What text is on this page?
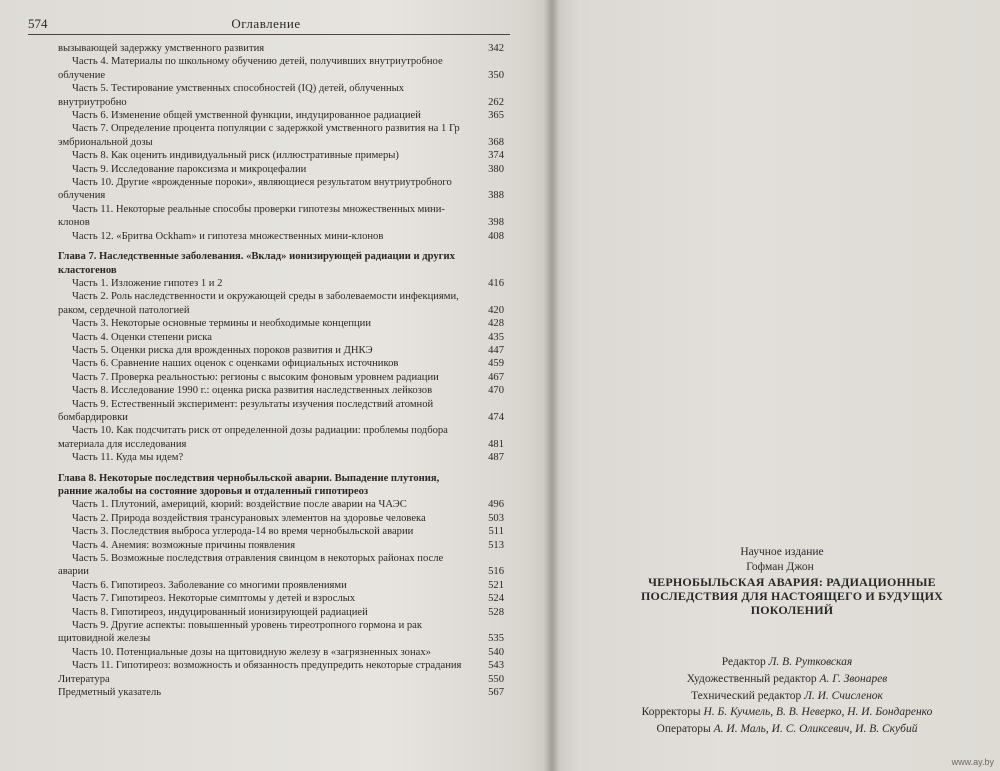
574	Оглавление
вызывающей задержку умственного развития	342
Часть 4. Материалы по школьному обучению детей, получивших внутриутробное облучение	350
Часть 5. Тестирование умственных способностей (IQ) детей, облученных внутриутробно	262
Часть 6. Изменение общей умственной функции, индуцированное радиацией	365
Часть 7. Определение процента популяции с задержкой умственного развития на 1 Гр эмбриональной дозы	368
Часть 8. Как оценить индивидуальный риск (иллюстративные примеры)	374
Часть 9. Исследование пароксизма и микроцефалии	380
Часть 10. Другие «врожденные пороки», являющиеся результатом внутриутробного облучения	388
Часть 11. Некоторые реальные способы проверки гипотезы множественных мини-клонов	398
Часть 12. «Бритва Ockham» и гипотеза множественных мини-клонов	408
Глава 7. Наследственные заболевания. «Вклад» ионизирующей радиации и других кластогенов
Часть 1. Изложение гипотез 1 и 2	416
Часть 2. Роль наследственности и окружающей среды в заболеваемости инфекциями, раком, сердечной патологией	420
Часть 3. Некоторые основные термины и необходимые концепции	428
Часть 4. Оценки степени риска	435
Часть 5. Оценки риска для врожденных пороков развития и ДНКЭ	447
Часть 6. Сравнение наших оценок с оценками официальных источников	459
Часть 7. Проверка реальностью: регионы с высоким фоновым уровнем радиации	467
Часть 8. Исследование 1990 г.: оценка риска развития наследственных лейкозов	470
Часть 9. Естественный эксперимент: результаты изучения последствий атомной бомбардировки	474
Часть 10. Как подсчитать риск от определенной дозы радиации: проблемы подбора материала для исследования	481
Часть 11. Куда мы идем?	487
Глава 8. Некоторые последствия чернобыльской аварии. Выпадение плутония, ранние жалобы на состояние здоровья и отдаленный гипотиреоз
Часть 1. Плутоний, америций, кюрий: воздействие после аварии на ЧАЭС	496
Часть 2. Природа воздействия трансурановых элементов на здоровье человека	503
Часть 3. Последствия выброса углерода-14 во время чернобыльской аварии	511
Часть 4. Анемия: возможные причины появления	513
Часть 5. Возможные последствия отравления свинцом в некоторых районах после аварии	516
Часть 6. Гипотиреоз. Заболевание со многими проявлениями	521
Часть 7. Гипотиреоз. Некоторые симптомы у детей и взрослых	524
Часть 8. Гипотиреоз, индуцированный ионизирующей радиацией	528
Часть 9. Другие аспекты: повышенный уровень тиреотропного гормона и рак щитовидной железы	535
Часть 10. Потенциальные дозы на щитовидную железу в «загрязненных зонах»	540
Часть 11. Гипотиреоз: возможность и обязанность предупредить некоторые страдания	543
Литература	550
Предметный указатель	567
Научное издание
Гофман Джон
ЧЕРНОБЫЛЬСКАЯ АВАРИЯ: РАДИАЦИОННЫЕ ПОСЛЕДСТВИЯ ДЛЯ НАСТОЯЩЕГО И БУДУЩИХ ПОКОЛЕНИЙ
Редактор Л. В. Рутковская
Художественный редактор А. Г. Звонарев
Технический редактор Л. И. Счисленок
Корректоры Н. Б. Кучмель, В. В. Неверко, Н. И. Бондаренко
Операторы А. И. Маль, И. С. Оликсевич, И. В. Скубий
www.ay.by
